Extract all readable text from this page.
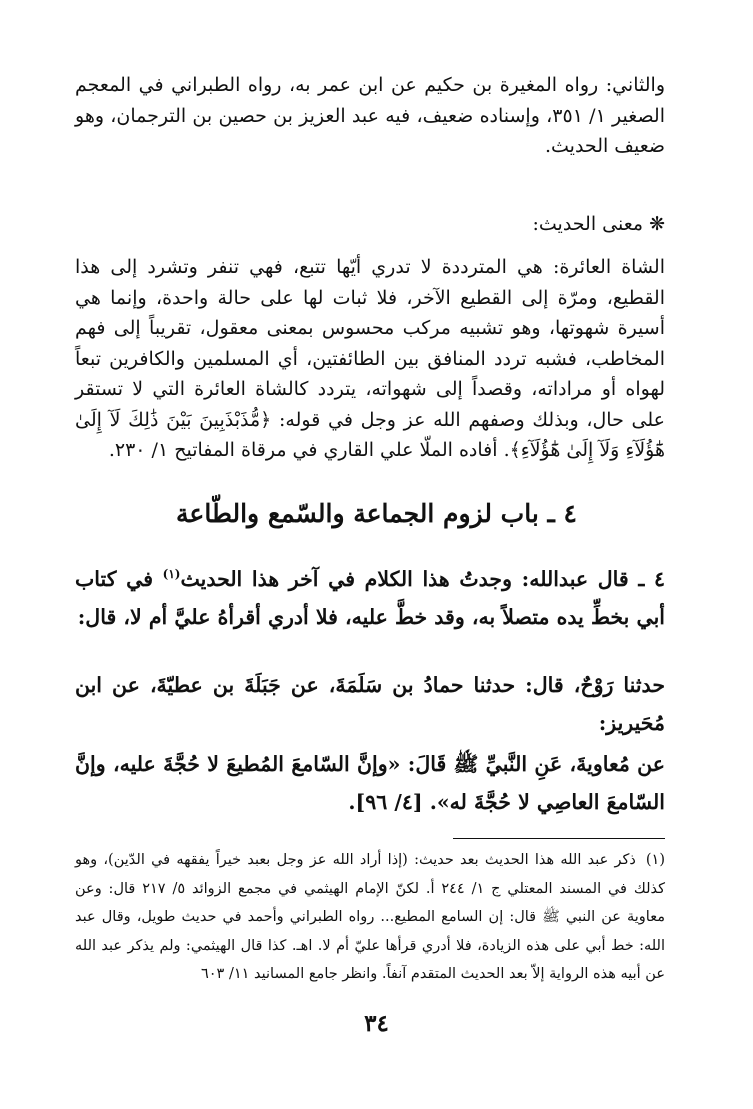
والثاني: رواه المغيرة بن حكيم عن ابن عمر به، رواه الطبراني في المعجم الصغير ١/ ٣٥١، وإسناده ضعيف، فيه عبد العزيز بن حصين بن الترجمان، وهو ضعيف الحديث.

❋معنى الحديث:

الشاة العائرة: هي المترددة لا تدري أيّها تتبع، فهي تنفر وتشرد إلى هذا القطيع، ومرّة إلى القطيع الآخر، فلا ثبات لها على حالة واحدة، وإنما هي أسيرة شهوتها، وهو تشبيه مركب محسوس بمعنى معقول، تقريباً إلى فهم المخاطب، فشبه تردد المنافق بين الطائفتين، أي المسلمين والكافرين تبعاً لهواه أو مراداته، وقصداً إلى شهواته، يتردد كالشاة العائرة التي لا تستقر على حال، وبذلك وصفهم الله عز وجل في قوله: ﴿مُّذَبْذَبِينَ بَيْنَ ذَٰلِكَ لَآ إِلَىٰ هَٰٓؤُلَآءِ وَلَآ إِلَىٰ هَٰٓؤُلَآءِ﴾. أفاده الملّا علي القاري في مرقاة المفاتيح ١/ ٢٣٠.

٤ ـ باب لزوم الجماعة والسّمع والطّاعة

٤ ـ قال عبدالله: وجدتُ هذا الكلام في آخر هذا الحديث$^{(١)}$ في كتاب أبي بخطِّ يده متصلاً به، وقد خطَّ عليه، فلا أدري أقرأهُ عليَّ أم لا، قال:

حدثنا رَوْحٌ، قال: حدثنا حمادُ بن سَلَمَةَ، عن جَبَلَةَ بن عطيّةَ، عن ابن مُحَيريز:

عن مُعاويةَ، عَنِ النَّبيِّ ﷺ قَالَ: «وإنَّ السّامعَ المُطيعَ لا حُجَّةَ عليه، وإنَّ السّامعَ العاصِي لا حُجَّةَ له». [٤/ ٩٦].

(١)ذكر عبد الله هذا الحديث بعد حديث: (إذا أراد الله عز وجل بعبد خيراً يفقهه في الدّين)، وهو كذلك في المسند المعتلي ج ١/ ٢٤٤ أ. لكنّ الإمام الهيثمي في مجمع الزوائد ٥/ ٢١٧ قال: وعن معاوية عن النبي ﷺ قال: إن السامع المطيع... رواه الطبراني وأحمد في حديث طويل، وقال عبد الله: خط أبي على هذه الزيادة، فلا أدري قرأها عليّ أم لا. اهـ. كذا قال الهيثمي: ولم يذكر عبد الله عن أبيه هذه الرواية إلاّ بعد الحديث المتقدم آنفاً. وانظر جامع المسانيد ١١/ ٦٠٣

٣٤
